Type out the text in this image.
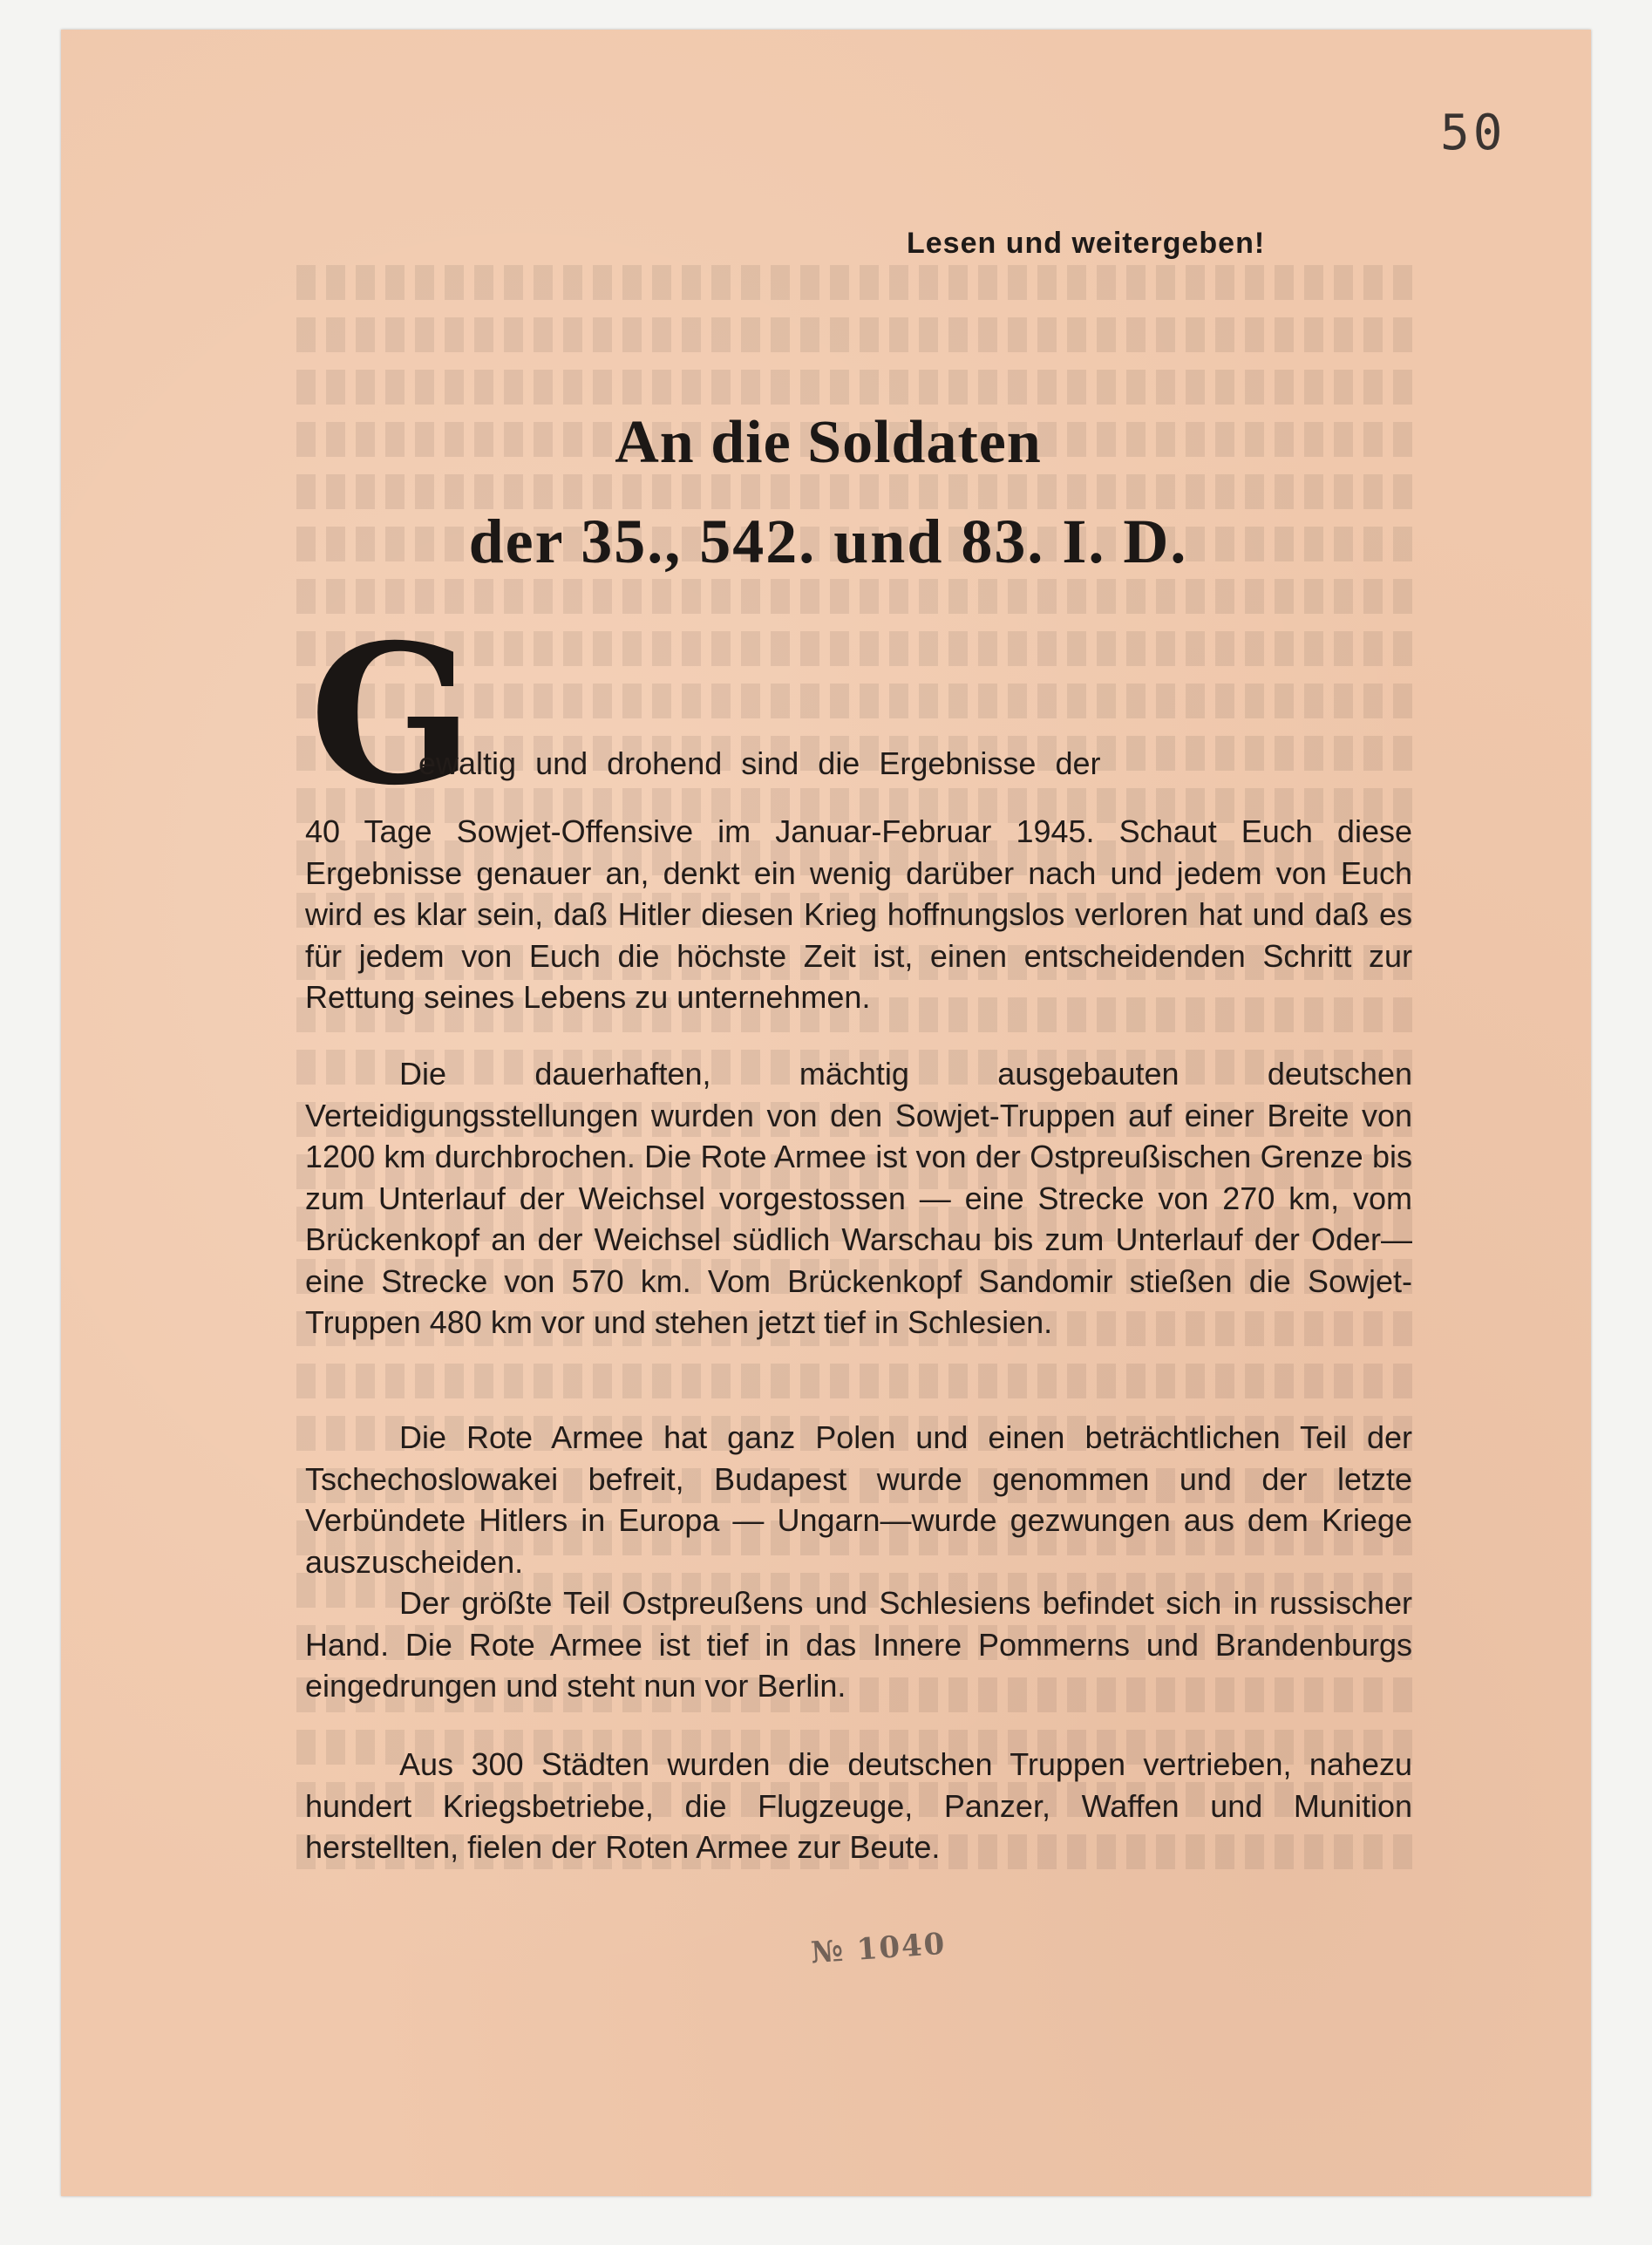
50
Lesen und weitergeben!
An die Soldaten
der 35., 542. und 83. I. D.
G
ewaltig und drohend sind die Ergebnisse der

40 Tage Sowjet-Offensive im Januar-Februar 1945. Schaut Euch diese Ergebnisse genauer an, denkt ein wenig darüber nach und jedem von Euch wird es klar sein, daß Hitler diesen Krieg hoffnungslos verloren hat und daß es für jedem von Euch die höchste Zeit ist, einen entscheidenden Schritt zur Rettung seines Lebens zu unternehmen.

Die dauerhaften, mächtig ausgebauten deutschen Verteidigungsstellungen wurden von den Sowjet-Truppen auf einer Breite von 1200 km durchbrochen. Die Rote Armee ist von der Ostpreußischen Grenze bis zum Unterlauf der Weichsel vorgestossen — eine Strecke von 270 km, vom Brückenkopf an der Weichsel südlich Warschau bis zum Unterlauf der Oder—eine Strecke von 570 km. Vom Brückenkopf Sandomir stießen die Sowjet-Truppen 480 km vor und stehen jetzt tief in Schlesien.

Die Rote Armee hat ganz Polen und einen beträchtlichen Teil der Tschechoslowakei befreit, Budapest wurde genommen und der letzte Verbündete Hitlers in Europa — Ungarn—wurde gezwungen aus dem Kriege auszuscheiden.

Der größte Teil Ostpreußens und Schlesiens befindet sich in russischer Hand. Die Rote Armee ist tief in das Innere Pommerns und Brandenburgs eingedrungen und steht nun vor Berlin.

Aus 300 Städten wurden die deutschen Truppen vertrieben, nahezu hundert Kriegsbetriebe, die Flugzeuge, Panzer, Waffen und Munition herstellten, fielen der Roten Armee zur Beute.

№ 1040
